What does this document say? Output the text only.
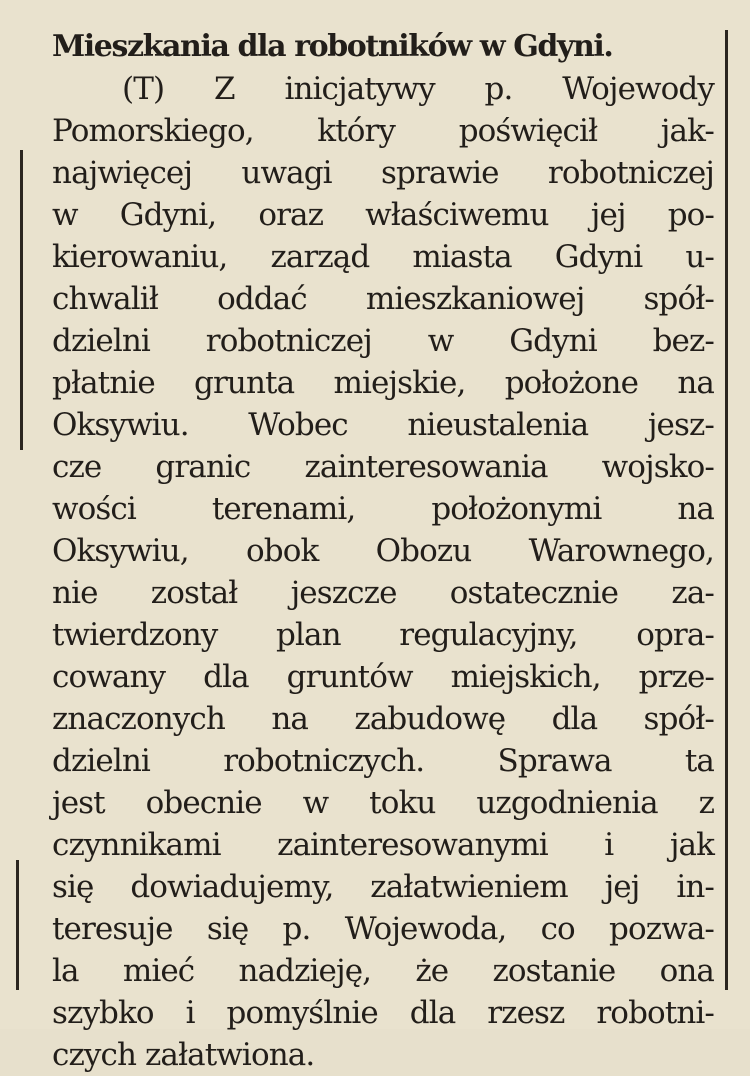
Mieszkania dla robotników w Gdyni.
(T) Z inicjatywy p. Wojewody
Pomorskiego, który poświęcił jak-
najwięcej uwagi sprawie robotniczej
w Gdyni, oraz właściwemu jej po-
kierowaniu, zarząd miasta Gdyni u-
chwalił oddać mieszkaniowej spół-
dzielni robotniczej w Gdyni bez-
płatnie grunta miejskie, położone na
Oksywiu. Wobec nieustalenia jesz-
cze granic zainteresowania wojsko-
wości terenami, położonymi na
Oksywiu, obok Obozu Warownego,
nie został jeszcze ostatecznie za-
twierdzony plan regulacyjny, opra-
cowany dla gruntów miejskich, prze-
znaczonych na zabudowę dla spół-
dzielni robotniczych. Sprawa ta
jest obecnie w toku uzgodnienia z
czynnikami zainteresowanymi i jak
się dowiadujemy, załatwieniem jej in-
teresuje się p. Wojewoda, co pozwa-
la mieć nadzieję, że zostanie ona
szybko i pomyślnie dla rzesz robotni-
czych załatwiona.
